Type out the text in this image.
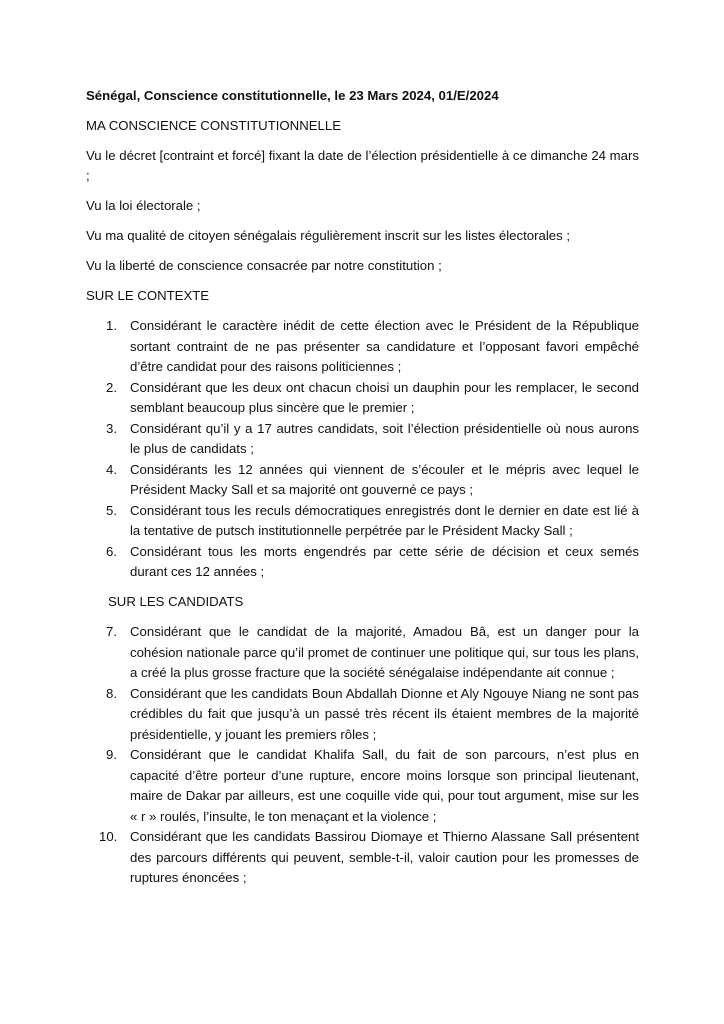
Sénégal, Conscience constitutionnelle, le 23 Mars 2024, 01/E/2024

MA CONSCIENCE CONSTITUTIONNELLE

Vu le décret [contraint et forcé] fixant la date de l’élection présidentielle à ce dimanche 24 mars ;

Vu la loi électorale ;

Vu ma qualité de citoyen sénégalais régulièrement inscrit sur les listes électorales ;

Vu la liberté de conscience consacrée par notre constitution ;

SUR LE CONTEXTE

1. Considérant le caractère inédit de cette élection avec le Président de la République sortant contraint de ne pas présenter sa candidature et l’opposant favori empêché d’être candidat pour des raisons politiciennes ;
2. Considérant que les deux ont chacun choisi un dauphin pour les remplacer, le second semblant beaucoup plus sincère que le premier ;
3. Considérant qu’il y a 17 autres candidats, soit l’élection présidentielle où nous aurons le plus de candidats ;
4. Considérants les 12 années qui viennent de s’écouler et le mépris avec lequel le Président Macky Sall et sa majorité ont gouverné ce pays ;
5. Considérant tous les reculs démocratiques enregistrés dont le dernier en date est lié à la tentative de putsch institutionnelle perpétrée par le Président Macky Sall ;
6. Considérant tous les morts engendrés par cette série de décision et ceux semés durant ces 12 années ;

SUR LES CANDIDATS

7. Considérant que le candidat de la majorité, Amadou Bâ, est un danger pour la cohésion nationale parce qu’il promet de continuer une politique qui, sur tous les plans, a créé la plus grosse fracture que la société sénégalaise indépendante ait connue ;
8. Considérant que les candidats Boun Abdallah Dionne et Aly Ngouye Niang ne sont pas crédibles du fait que jusqu’à un passé très récent ils étaient membres de la majorité présidentielle, y jouant les premiers rôles ;
9. Considérant que le candidat Khalifa Sall, du fait de son parcours, n’est plus en capacité d’être porteur d’une rupture, encore moins lorsque son principal lieutenant, maire de Dakar par ailleurs, est une coquille vide qui, pour tout argument, mise sur les « r » roulés, l’insulte, le ton menaçant et la violence ;
10. Considérant que les candidats Bassirou Diomaye et Thierno Alassane Sall présentent des parcours différents qui peuvent, semble-t-il, valoir caution pour les promesses de ruptures énoncées ;
